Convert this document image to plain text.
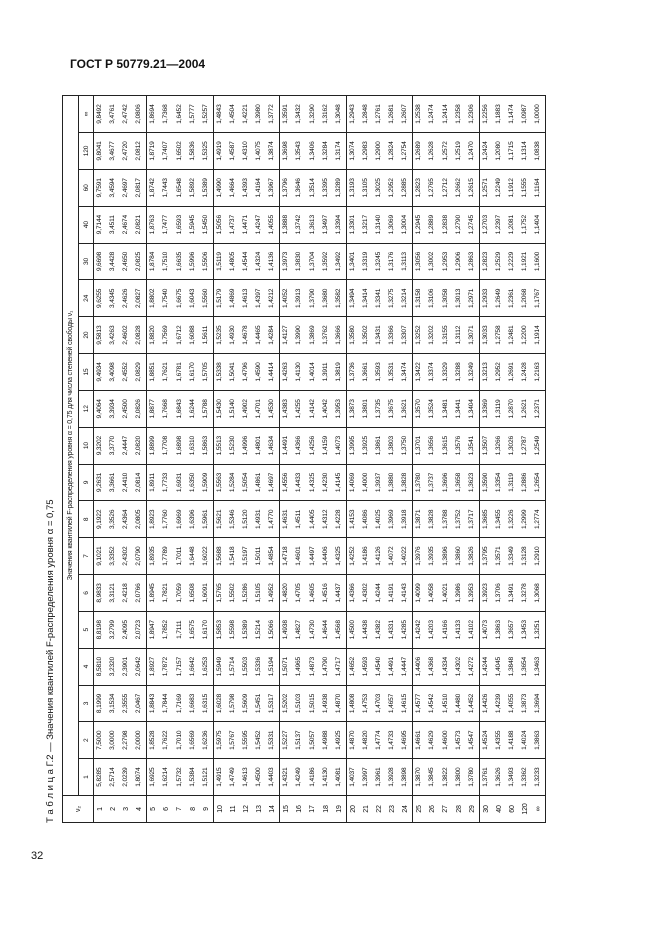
ГОСТ Р 50779.21—2004
Т а б л и ц а Г.2 — Значения квантилей F-распределения уровня α = 0,75	ν₂	Значения квантилей F-распределения уровня α = 0,75 для числа степеней свободы ν₁																		
	1	2	3	4	5	6	7	8	9	10	12	15	20	24	30	40	60	120	∞
1	5,8285	7,5000	8,1999	8,5810	8,8198	8,9833	9,1021	9,1922	9,2631	9,3202	9,4064	9,4934	9,5813	9,6255	9,6698	9,7144	9,7591	9,8041	9,8492
2	2,5714	3,0000	3,1534	3,2320	3,2799	3,3121	3,3352	3,3526	3,3661	3,3770	3,3934	3,4098	3,4263	3,4345	3,4428	3,4511	3,4594	3,4677	3,4761
3	2,0239	2,2798	2,3555	2,3901	2,4095	2,4218	2,4302	2,4364	2,4410	2,4447	2,4500	2,4552	2,4602	2,4626	2,4650	2,4674	2,4697	2,4720	2,4742
4	1,8074	2,0000	2,0467	2,0642	2,0723	2,0766	2,0790	2,0805	2,0814	2,0820	2,0826	2,0829	2,0828	2,0827	2,0825	2,0821	2,0817	2,0812	2,0806
5	1,6925	1,8528	1,8843	1,8927	1,8947	1,8945	1,8935	1,8923	1,8911	1,8899	1,8877	1,8851	1,8820	1,8802	1,8784	1,8763	1,8742	1,8719	1,8694
6	1,6214	1,7622	1,7844	1,7872	1,7852	1,7821	1,7789	1,7760	1,7733	1,7708	1,7668	1,7621	1,7569	1,7540	1,7510	1,7477	1,7443	1,7407	1,7368
7	1,5732	1,7010	1,7169	1,7157	1,7111	1,7059	1,7011	1,6969	1,6931	1,6898	1,6843	1,6781	1,6712	1,6675	1,6635	1,6593	1,6548	1,6502	1,6452
8	1,5384	1,6569	1,6683	1,6642	1,6575	1,6508	1,6448	1,6396	1,6350	1,6310	1,6244	1,6170	1,6088	1,6043	1,5996	1,5945	1,5892	1,5836	1,5777
9	1,5121	1,6236	1,6315	1,6253	1,6170	1,6091	1,6022	1,5961	1,5909	1,5863	1,5788	1,5705	1,5611	1,5560	1,5506	1,5450	1,5389	1,5325	1,5257
10	1,4915	1,5975	1,6028	1,5949	1,5853	1,5765	1,5688	1,5621	1,5563	1,5513	1,5430	1,5338	1,5235	1,5179	1,5119	1,5056	1,4990	1,4919	1,4843
11	1,4749	1,5767	1,5798	1,5714	1,5598	1,5502	1,5418	1,5346	1,5284	1,5230	1,5140	1,5041	1,4930	1,4869	1,4805	1,4737	1,4664	1,4587	1,4504
12	1,4613	1,5595	1,5609	1,5503	1,5389	1,5286	1,5197	1,5120	1,5054	1,4996	1,4902	1,4796	1,4678	1,4613	1,4544	1,4471	1,4393	1,4310	1,4221
13	1,4500	1,5452	1,5451	1,5336	1,5214	1,5105	1,5011	1,4931	1,4861	1,4801	1,4701	1,4590	1,4465	1,4397	1,4324	1,4247	1,4164	1,4075	1,3980
14	1,4403	1,5331	1,5317	1,5194	1,5066	1,4952	1,4854	1,4770	1,4697	1,4634	1,4530	1,4414	1,4284	1,4212	1,4136	1,4055	1,3967	1,3874	1,3772
15	1,4321	1,5227	1,5202	1,5071	1,4938	1,4820	1,4718	1,4631	1,4556	1,4491	1,4383	1,4263	1,4127	1,4052	1,3973	1,3888	1,3796	1,3698	1,3591
16	1,4249	1,5137	1,5103	1,4965	1,4827	1,4705	1,4601	1,4511	1,4433	1,4366	1,4255	1,4130	1,3990	1,3913	1,3830	1,3742	1,3646	1,3543	1,3432
17	1,4186	1,5057	1,5015	1,4873	1,4730	1,4605	1,4497	1,4405	1,4325	1,4256	1,4142	1,4014	1,3869	1,3790	1,3704	1,3613	1,3514	1,3406	1,3290
18	1,4130	1,4988	1,4938	1,4790	1,4644	1,4516	1,4406	1,4312	1,4230	1,4159	1,4042	1,3911	1,3762	1,3680	1,3592	1,3497	1,3395	1,3284	1,3162
19	1,4081	1,4925	1,4870	1,4717	1,4568	1,4437	1,4325	1,4228	1,4145	1,4073	1,3953	1,3819	1,3666	1,3582	1,3492	1,3394	1,3289	1,3174	1,3048
20	1,4037	1,4870	1,4808	1,4652	1,4500	1,4366	1,4252	1,4153	1,4069	1,3995	1,3873	1,3736	1,3580	1,3494	1,3401	1,3301	1,3193	1,3074	1,2943
21	1,3997	1,4820	1,4753	1,4593	1,4438	1,4302	1,4186	1,4086	1,4000	1,3925	1,3801	1,3661	1,3502	1,3414	1,3319	1,3217	1,3105	1,2983	1,2848
22	1,3961	1,4774	1,4703	1,4540	1,4382	1,4244	1,4126	1,4025	1,3937	1,3861	1,3735	1,3593	1,3431	1,3341	1,3245	1,3140	1,3025	1,2900	1,2761
23	1,3928	1,4733	1,4657	1,4491	1,4331	1,4191	1,4072	1,3969	1,3880	1,3803	1,3675	1,3531	1,3366	1,3275	1,3176	1,3069	1,2952	1,2824	1,2681
24	1,3898	1,4695	1,4615	1,4447	1,4285	1,4143	1,4022	1,3918	1,3828	1,3750	1,3621	1,3474	1,3307	1,3214	1,3113	1,3004	1,2885	1,2754	1,2607
25	1,3870	1,4661	1,4577	1,4406	1,4242	1,4099	1,3976	1,3871	1,3780	1,3701	1,3570	1,3422	1,3252	1,3158	1,3056	1,2945	1,2823	1,2689	1,2538
26	1,3845	1,4629	1,4542	1,4368	1,4203	1,4058	1,3935	1,3828	1,3737	1,3656	1,3524	1,3374	1,3202	1,3106	1,3002	1,2889	1,2765	1,2628	1,2474
27	1,3822	1,4600	1,4510	1,4334	1,4166	1,4021	1,3896	1,3788	1,3696	1,3615	1,3481	1,3329	1,3155	1,3058	1,2953	1,2838	1,2712	1,2572	1,2414
28	1,3800	1,4573	1,4480	1,4302	1,4133	1,3986	1,3860	1,3752	1,3658	1,3576	1,3441	1,3288	1,3112	1,3013	1,2906	1,2790	1,2662	1,2519	1,2358
29	1,3780	1,4547	1,4452	1,4272	1,4102	1,3953	1,3826	1,3717	1,3623	1,3541	1,3404	1,3249	1,3071	1,2971	1,2863	1,2745	1,2615	1,2470	1,2306
30	1,3761	1,4524	1,4426	1,4244	1,4073	1,3923	1,3795	1,3685	1,3590	1,3507	1,3369	1,3213	1,3033	1,2933	1,2823	1,2703	1,2571	1,2424	1,2256
40	1,3626	1,4355	1,4239	1,4045	1,3863	1,3706	1,3571	1,3455	1,3354	1,3266	1,3119	1,2952	1,2758	1,2649	1,2529	1,2397	1,2249	1,2080	1,1883
60	1,3493	1,4188	1,4055	1,3848	1,3657	1,3491	1,3349	1,3226	1,3119	1,3026	1,2870	1,2691	1,2481	1,2361	1,2229	1,2081	1,1912	1,1715	1,1474
120	1,3362	1,4024	1,3873	1,3654	1,3453	1,3278	1,3128	1,2999	1,2886	1,2787	1,2621	1,2428	1,2200	1,2068	1,1921	1,1752	1,1555	1,1314	1,0987
∞	1,3233	1,3863	1,3694	1,3463	1,3251	1,3068	1,2910	1,2774	1,2654	1,2549	1,2371	1,2163	1,1914	1,1767	1,1600	1,1404	1,1164	1,0838	1,0000
32
